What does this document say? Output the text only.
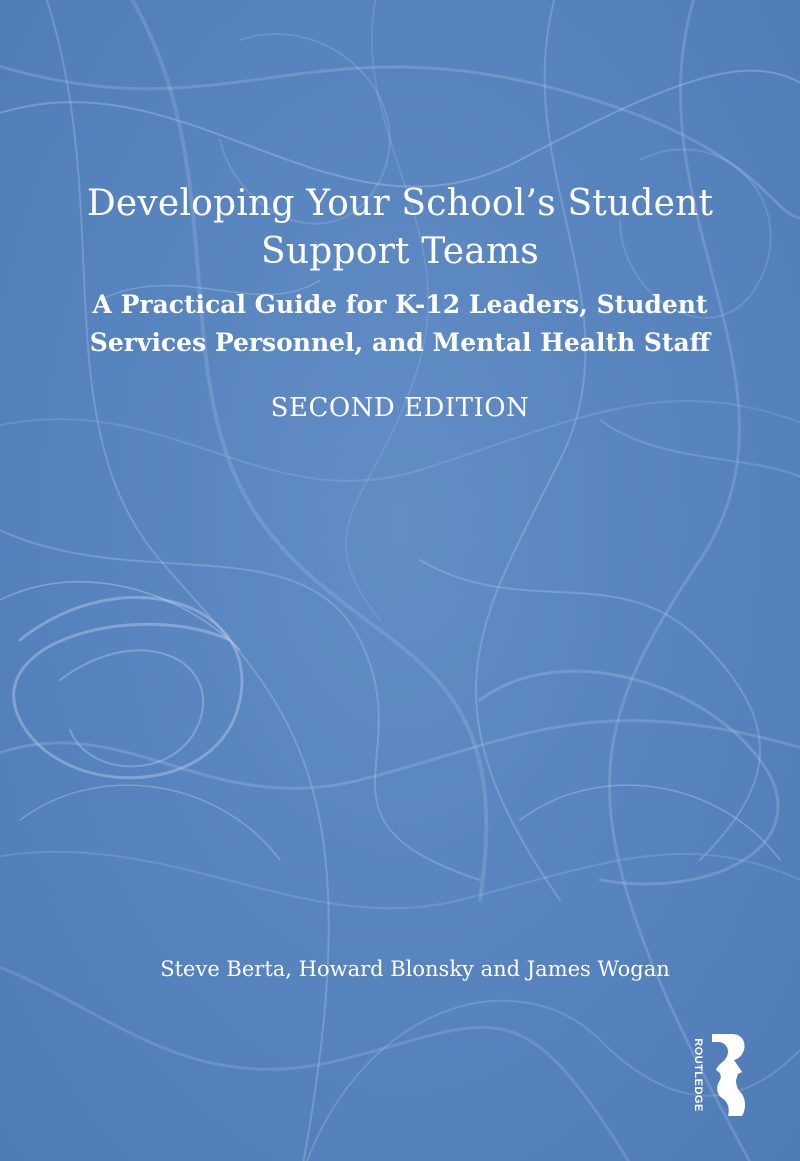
Developing Your School’s Student
Support Teams
A Practical Guide for K-12 Leaders, Student
Services Personnel, and Mental Health Staff

SECOND EDITION

Steve Berta, Howard Blonsky and James Wogan

ROUTLEDGE
